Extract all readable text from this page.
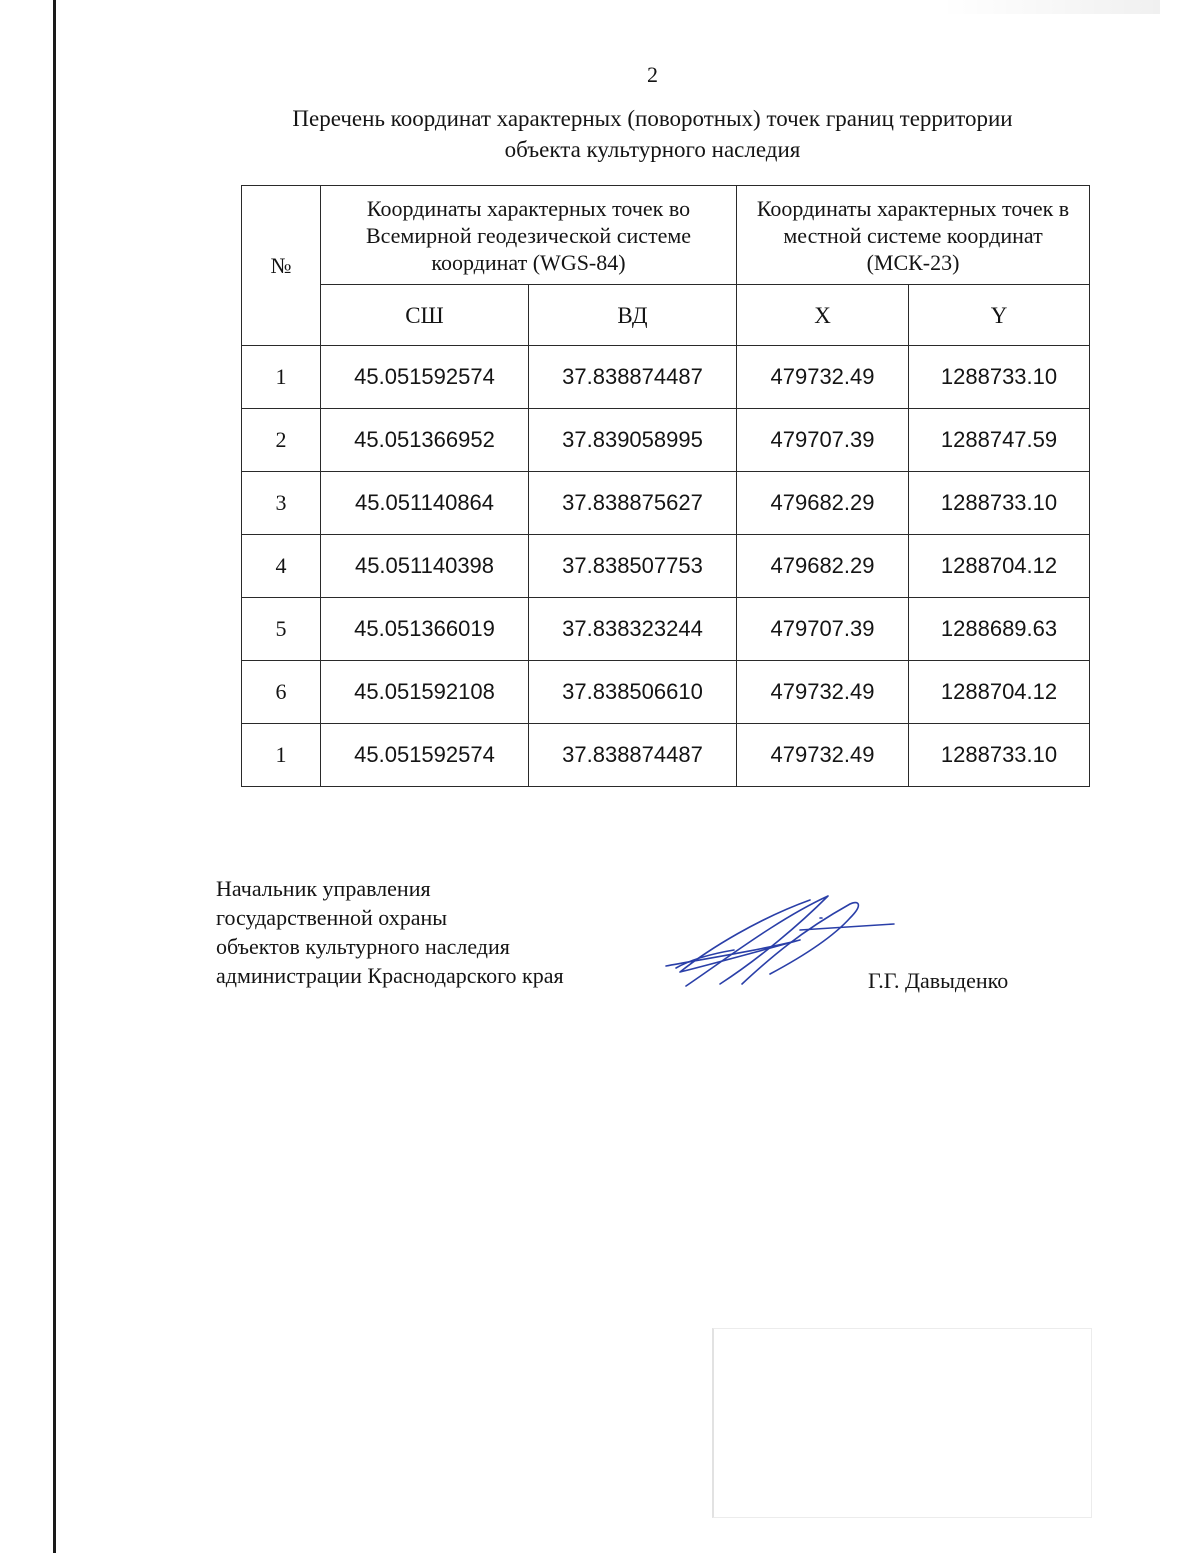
2
Перечень координат характерных (поворотных) точек границ территории
объекта культурного наследия
№	Координаты характерных точек во Всемирной геодезической системе координат (WGS-84)		Координаты характерных точек в местной системе координат (МСК-23)	
	СШ	ВД	X	Y
1	45.051592574	37.838874487	479732.49	1288733.10
2	45.051366952	37.839058995	479707.39	1288747.59
3	45.051140864	37.838875627	479682.29	1288733.10
4	45.051140398	37.838507753	479682.29	1288704.12
5	45.051366019	37.838323244	479707.39	1288689.63
6	45.051592108	37.838506610	479732.49	1288704.12
1	45.051592574	37.838874487	479732.49	1288733.10
Начальник управления
государственной охраны
объектов культурного наследия
администрации Краснодарского края	Г.Г. Давыденко
